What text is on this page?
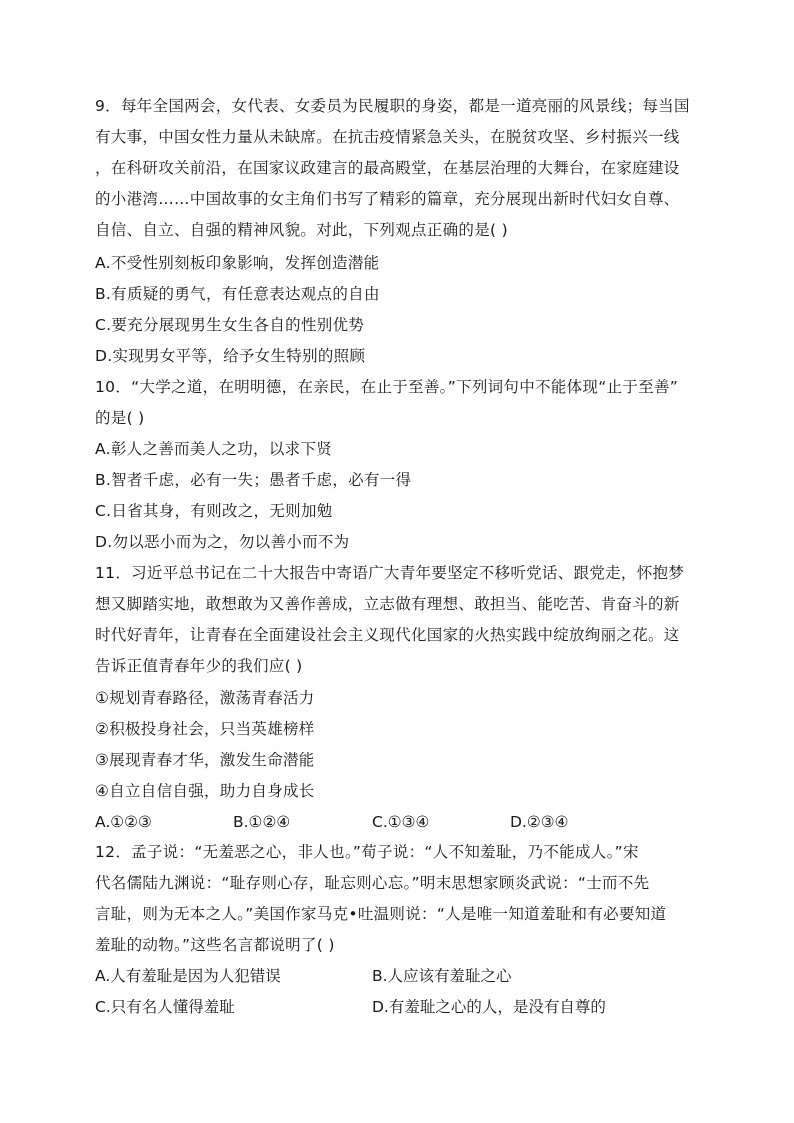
9．每年全国两会，女代表、女委员为民履职的身姿，都是一道亮丽的风景线；每当国
有大事，中国女性力量从未缺席。在抗击疫情紧急关头，在脱贫攻坚、乡村振兴一线
，在科研攻关前沿，在国家议政建言的最高殿堂，在基层治理的大舞台，在家庭建设
的小港湾……中国故事的女主角们书写了精彩的篇章，充分展现出新时代妇女自尊、
自信、自立、自强的精神风貌。对此，下列观点正确的是( )
A.不受性别刻板印象影响，发挥创造潜能
B.有质疑的勇气，有任意表达观点的自由
C.要充分展现男生女生各自的性别优势
D.实现男女平等，给予女生特别的照顾
10．“大学之道，在明明德，在亲民，在止于至善。”下列词句中不能体现“止于至善”
的是( )
A.彰人之善而美人之功，以求下贤
B.智者千虑，必有一失；愚者千虑，必有一得
C.日省其身，有则改之，无则加勉
D.勿以恶小而为之，勿以善小而不为
11．习近平总书记在二十大报告中寄语广大青年要坚定不移听党话、跟党走，怀抱梦
想又脚踏实地，敢想敢为又善作善成，立志做有理想、敢担当、能吃苦、肯奋斗的新
时代好青年，让青春在全面建设社会主义现代化国家的火热实践中绽放绚丽之花。这
告诉正值青春年少的我们应( )
①规划青春路径，激荡青春活力
②积极投身社会，只当英雄榜样
③展现青春才华，激发生命潜能
④自立自信自强，助力自身成长
A.①②③	B.①②④	C.①③④	D.②③④
12．孟子说：“无羞恶之心，非人也。”荀子说：“人不知羞耻，乃不能成人。”宋
代名儒陆九渊说：“耻存则心存，耻忘则心忘。”明末思想家顾炎武说：“士而不先
言耻，则为无本之人。”美国作家马克•吐温则说：“人是唯一知道羞耻和有必要知道
羞耻的动物。”这些名言都说明了( )
A.人有羞耻是因为人犯错误	B.人应该有羞耻之心
C.只有名人懂得羞耻	D.有羞耻之心的人，是没有自尊的
